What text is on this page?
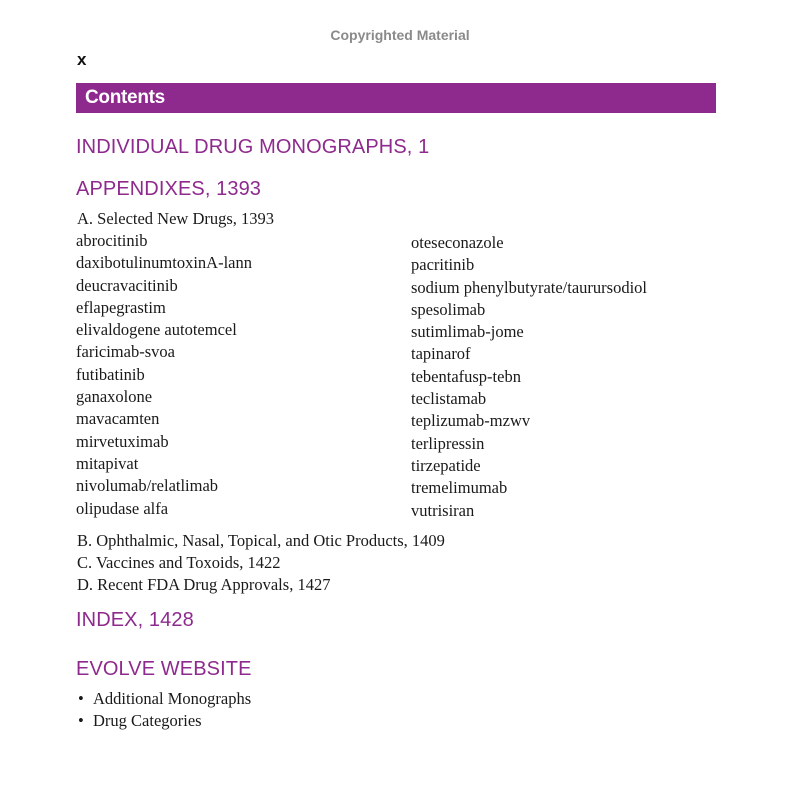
Copyrighted Material
x
Contents
INDIVIDUAL DRUG MONOGRAPHS, 1
APPENDIXES, 1393
A. Selected New Drugs, 1393
abrocitinib
daxibotulinumtoxinA-lann
deucravacitinib
eflapegrastim
elivaldogene autotemcel
faricimab-svoa
futibatinib
ganaxolone
mavacamten
mirvetuximab
mitapivat
nivolumab/relatlimab
olipudase alfa
oteseconazole
pacritinib
sodium phenylbutyrate/taurursodiol
spesolimab
sutimlimab-jome
tapinarof
tebentafusp-tebn
teclistamab
teplizumab-mzwv
terlipressin
tirzepatide
tremelimumab
vutrisiran
B. Ophthalmic, Nasal, Topical, and Otic Products, 1409
C. Vaccines and Toxoids, 1422
D. Recent FDA Drug Approvals, 1427
INDEX, 1428
EVOLVE WEBSITE
• Additional Monographs
• Drug Categories
